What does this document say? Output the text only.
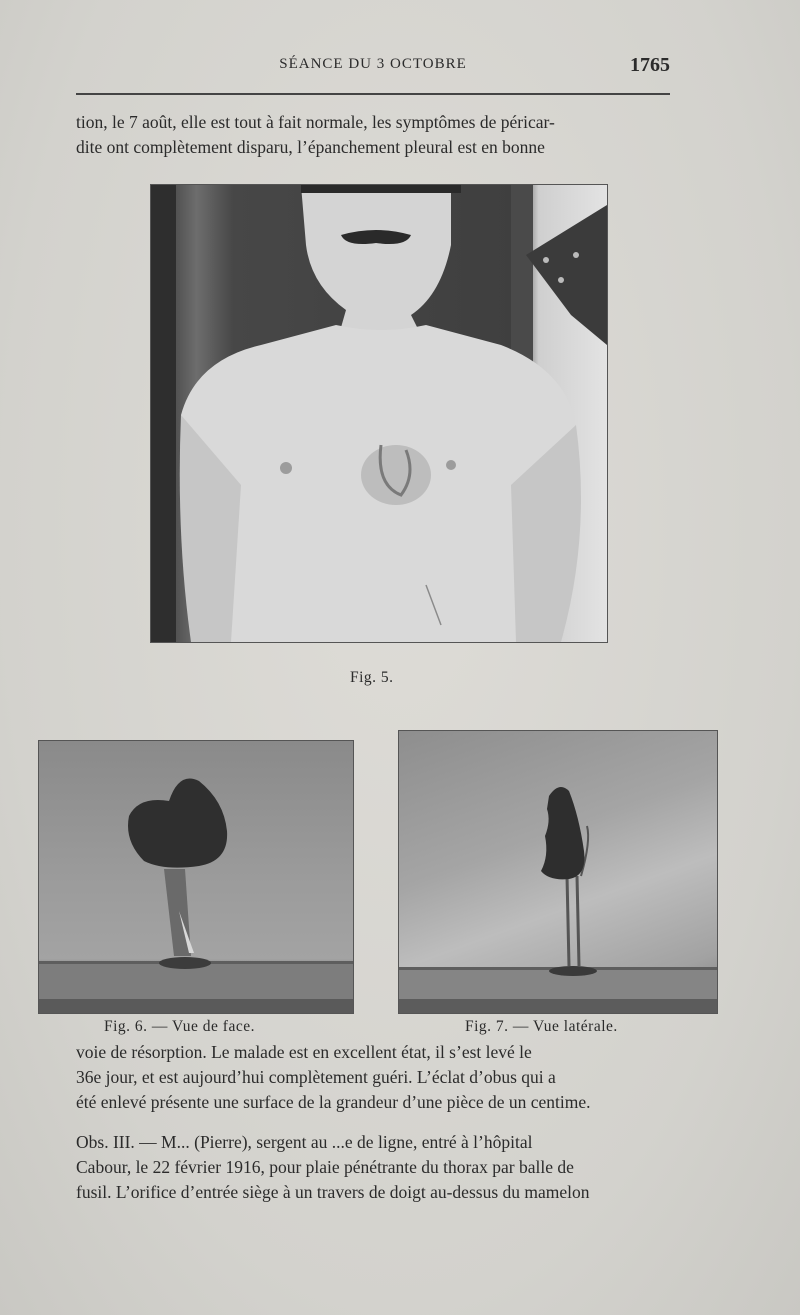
SÉANCE DU 3 OCTOBRE	1765
tion, le 7 août, elle est tout à fait normale, les symptômes de péricar-
dite ont complètement disparu, l’épanchement pleural est en bonne
Fig. 5.
Fig. 6. — Vue de face.	Fig. 7. — Vue latérale.
voie de résorption. Le malade est en excellent état, il s’est levé le
36e jour, et est aujourd’hui complètement guéri. L’éclat d’obus qui a
été enlevé présente une surface de la grandeur d’une pièce de un centime.
Obs. III. — M... (Pierre), sergent au ...e de ligne, entré à l’hôpital
Cabour, le 22 février 1916, pour plaie pénétrante du thorax par balle de
fusil. L’orifice d’entrée siège à un travers de doigt au-dessus du mamelon
